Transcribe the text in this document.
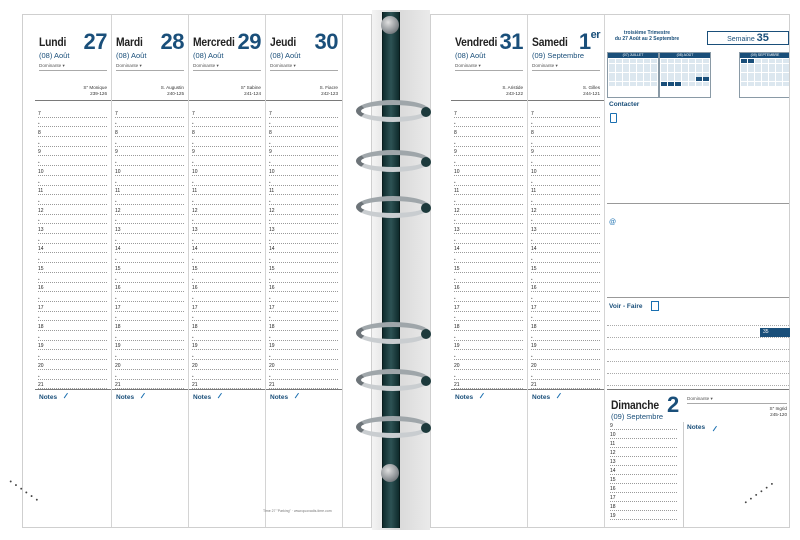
Lundi 27
(08) Août
Dominante ▾
S″ Monique
239-126
7
•
8
•
9
•
10
•
11
•
12
•
13
•
14
•
15
•
16
•
17
•
18
•
19
•
20
•
21
Notes
Mardi 28
(08) Août
Dominante ▾
S. Augustin
240-125
7
•
8
•
9
•
10
•
11
•
12
•
13
•
14
•
15
•
16
•
17
•
18
•
19
•
20
•
21
Notes
Mercredi 29
(08) Août
Dominante ▾
S″ Sabine
241-124
7
•
8
•
9
•
10
•
11
•
12
•
13
•
14
•
15
•
16
•
17
•
18
•
19
•
20
•
21
Notes
Jeudi 30
(08) Août
Dominante ▾
S. Fiacre
242-123
7
•
8
•
9
•
10
•
11
•
12
•
13
•
14
•
15
•
16
•
17
•
18
•
19
•
20
•
21
Notes
Time 27 "Parking" · www.quovadis-time.com
Vendredi 31
(08) Août
Dominante ▾
S. Aristide
243-122
7
•
8
•
9
•
10
•
11
•
12
•
13
•
14
•
15
•
16
•
17
•
18
•
19
•
20
•
21
Notes
Samedi 1er
(09) Septembre
Dominante ▾
S. Gilles
244-121
7
•
8
•
9
•
10
•
11
•
12
•
13
•
14
•
15
•
16
•
17
•
18
•
19
•
20
•
21
Notes
troisième Trimestre
du 27 Août au 2 Septembre	Semaine 35
(07) JUILLET	(08) AOÛT	(09) SEPTEMBRE
Contacter
@
Voir - Faire
Dimanche 2
(09) Septembre
Dominante ▾
S″ Ingrid
245-120
9
10
11
12
13
14
15
16
17
18
19
Notes
35
• • • • • •	• • • • • •
